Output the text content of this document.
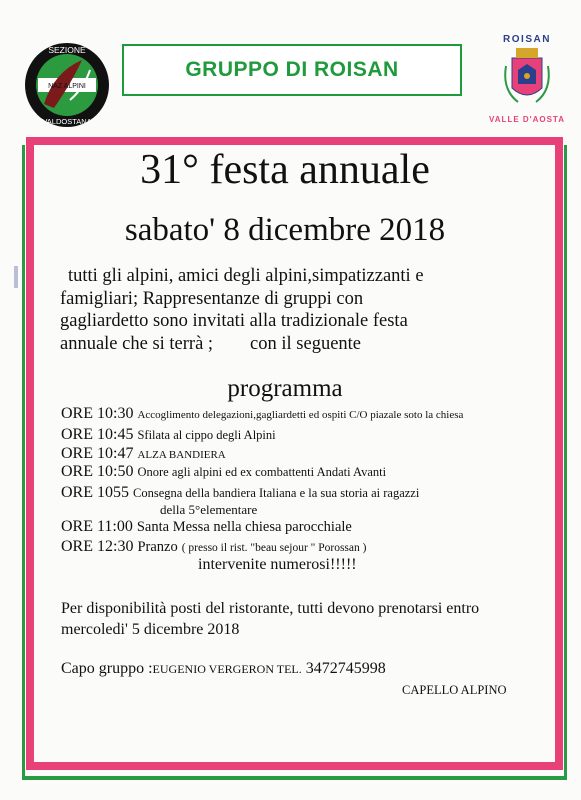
SEZIONE
NAZ ALPINI
VALDOSTANA
GRUPPO DI ROISAN
ROISAN
VALLE D'AOSTA
31° festa annuale
sabato' 8 dicembre 2018
tutti gli alpini, amici degli alpini,simpatizzanti e
famigliari; Rappresentanze di gruppi con
gagliardetto sono invitati alla tradizionale festa
annuale che si terrà ;        con il seguente
programma
ORE 10:30 Accoglimento delegazioni,gagliardetti ed ospiti C/O piazale soto la chiesa
ORE 10:45 Sfilata al cippo degli Alpini
ORE 10:47 ALZA BANDIERA
ORE 10:50 Onore agli alpini ed ex combattenti Andati Avanti
ORE 1055 Consegna della bandiera Italiana e la sua storia ai ragazzi
della 5°elementare
ORE 11:00 Santa Messa nella chiesa parocchiale
ORE 12:30 Pranzo ( presso il rist. "beau sejour " Porossan )
intervenite numerosi!!!!!
Per disponibilità posti del ristorante, tutti devono prenotarsi entro
mercoledi' 5 dicembre 2018
Capo gruppo :EUGENIO VERGERON TEL. 3472745998
CAPELLO ALPINO
